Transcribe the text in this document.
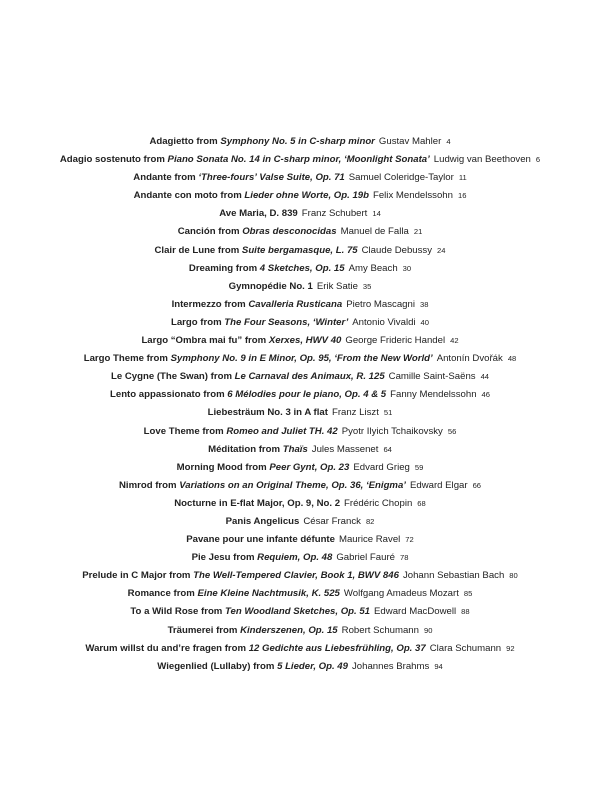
Adagietto from Symphony No. 5 in C-sharp minor Gustav Mahler 4
Adagio sostenuto from Piano Sonata No. 14 in C-sharp minor, ‘Moonlight Sonata’ Ludwig van Beethoven 6
Andante from ‘Three-fours’ Valse Suite, Op. 71 Samuel Coleridge-Taylor 11
Andante con moto from Lieder ohne Worte, Op. 19b Felix Mendelssohn 16
Ave Maria, D. 839 Franz Schubert 14
Canción from Obras desconocidas Manuel de Falla 21
Clair de Lune from Suite bergamasque, L. 75 Claude Debussy 24
Dreaming from 4 Sketches, Op. 15 Amy Beach 30
Gymnopédie No. 1 Erik Satie 35
Intermezzo from Cavalleria Rusticana Pietro Mascagni 38
Largo from The Four Seasons, ‘Winter’ Antonio Vivaldi 40
Largo “Ombra mai fu” from Xerxes, HWV 40 George Frideric Handel 42
Largo Theme from Symphony No. 9 in E Minor, Op. 95, ‘From the New World’ Antonín Dvořák 48
Le Cygne (The Swan) from Le Carnaval des Animaux, R. 125 Camille Saint-Saëns 44
Lento appassionato from 6 Mélodies pour le piano, Op. 4 & 5 Fanny Mendelssohn 46
Liebesträum No. 3 in A flat Franz Liszt 51
Love Theme from Romeo and Juliet TH. 42 Pyotr Ilyich Tchaikovsky 56
Méditation from Thaïs Jules Massenet 64
Morning Mood from Peer Gynt, Op. 23 Edvard Grieg 59
Nimrod from Variations on an Original Theme, Op. 36, ‘Enigma’ Edward Elgar 66
Nocturne in E-flat Major, Op. 9, No. 2 Frédéric Chopin 68
Panis Angelicus César Franck 82
Pavane pour une infante défunte Maurice Ravel 72
Pie Jesu from Requiem, Op. 48 Gabriel Fauré 78
Prelude in C Major from The Well-Tempered Clavier, Book 1, BWV 846 Johann Sebastian Bach 80
Romance from Eine Kleine Nachtmusik, K. 525 Wolfgang Amadeus Mozart 85
To a Wild Rose from Ten Woodland Sketches, Op. 51 Edward MacDowell 88
Träumerei from Kinderszenen, Op. 15 Robert Schumann 90
Warum willst du and’re fragen from 12 Gedichte aus Liebesfrühling, Op. 37 Clara Schumann 92
Wiegenlied (Lullaby) from 5 Lieder, Op. 49 Johannes Brahms 94
